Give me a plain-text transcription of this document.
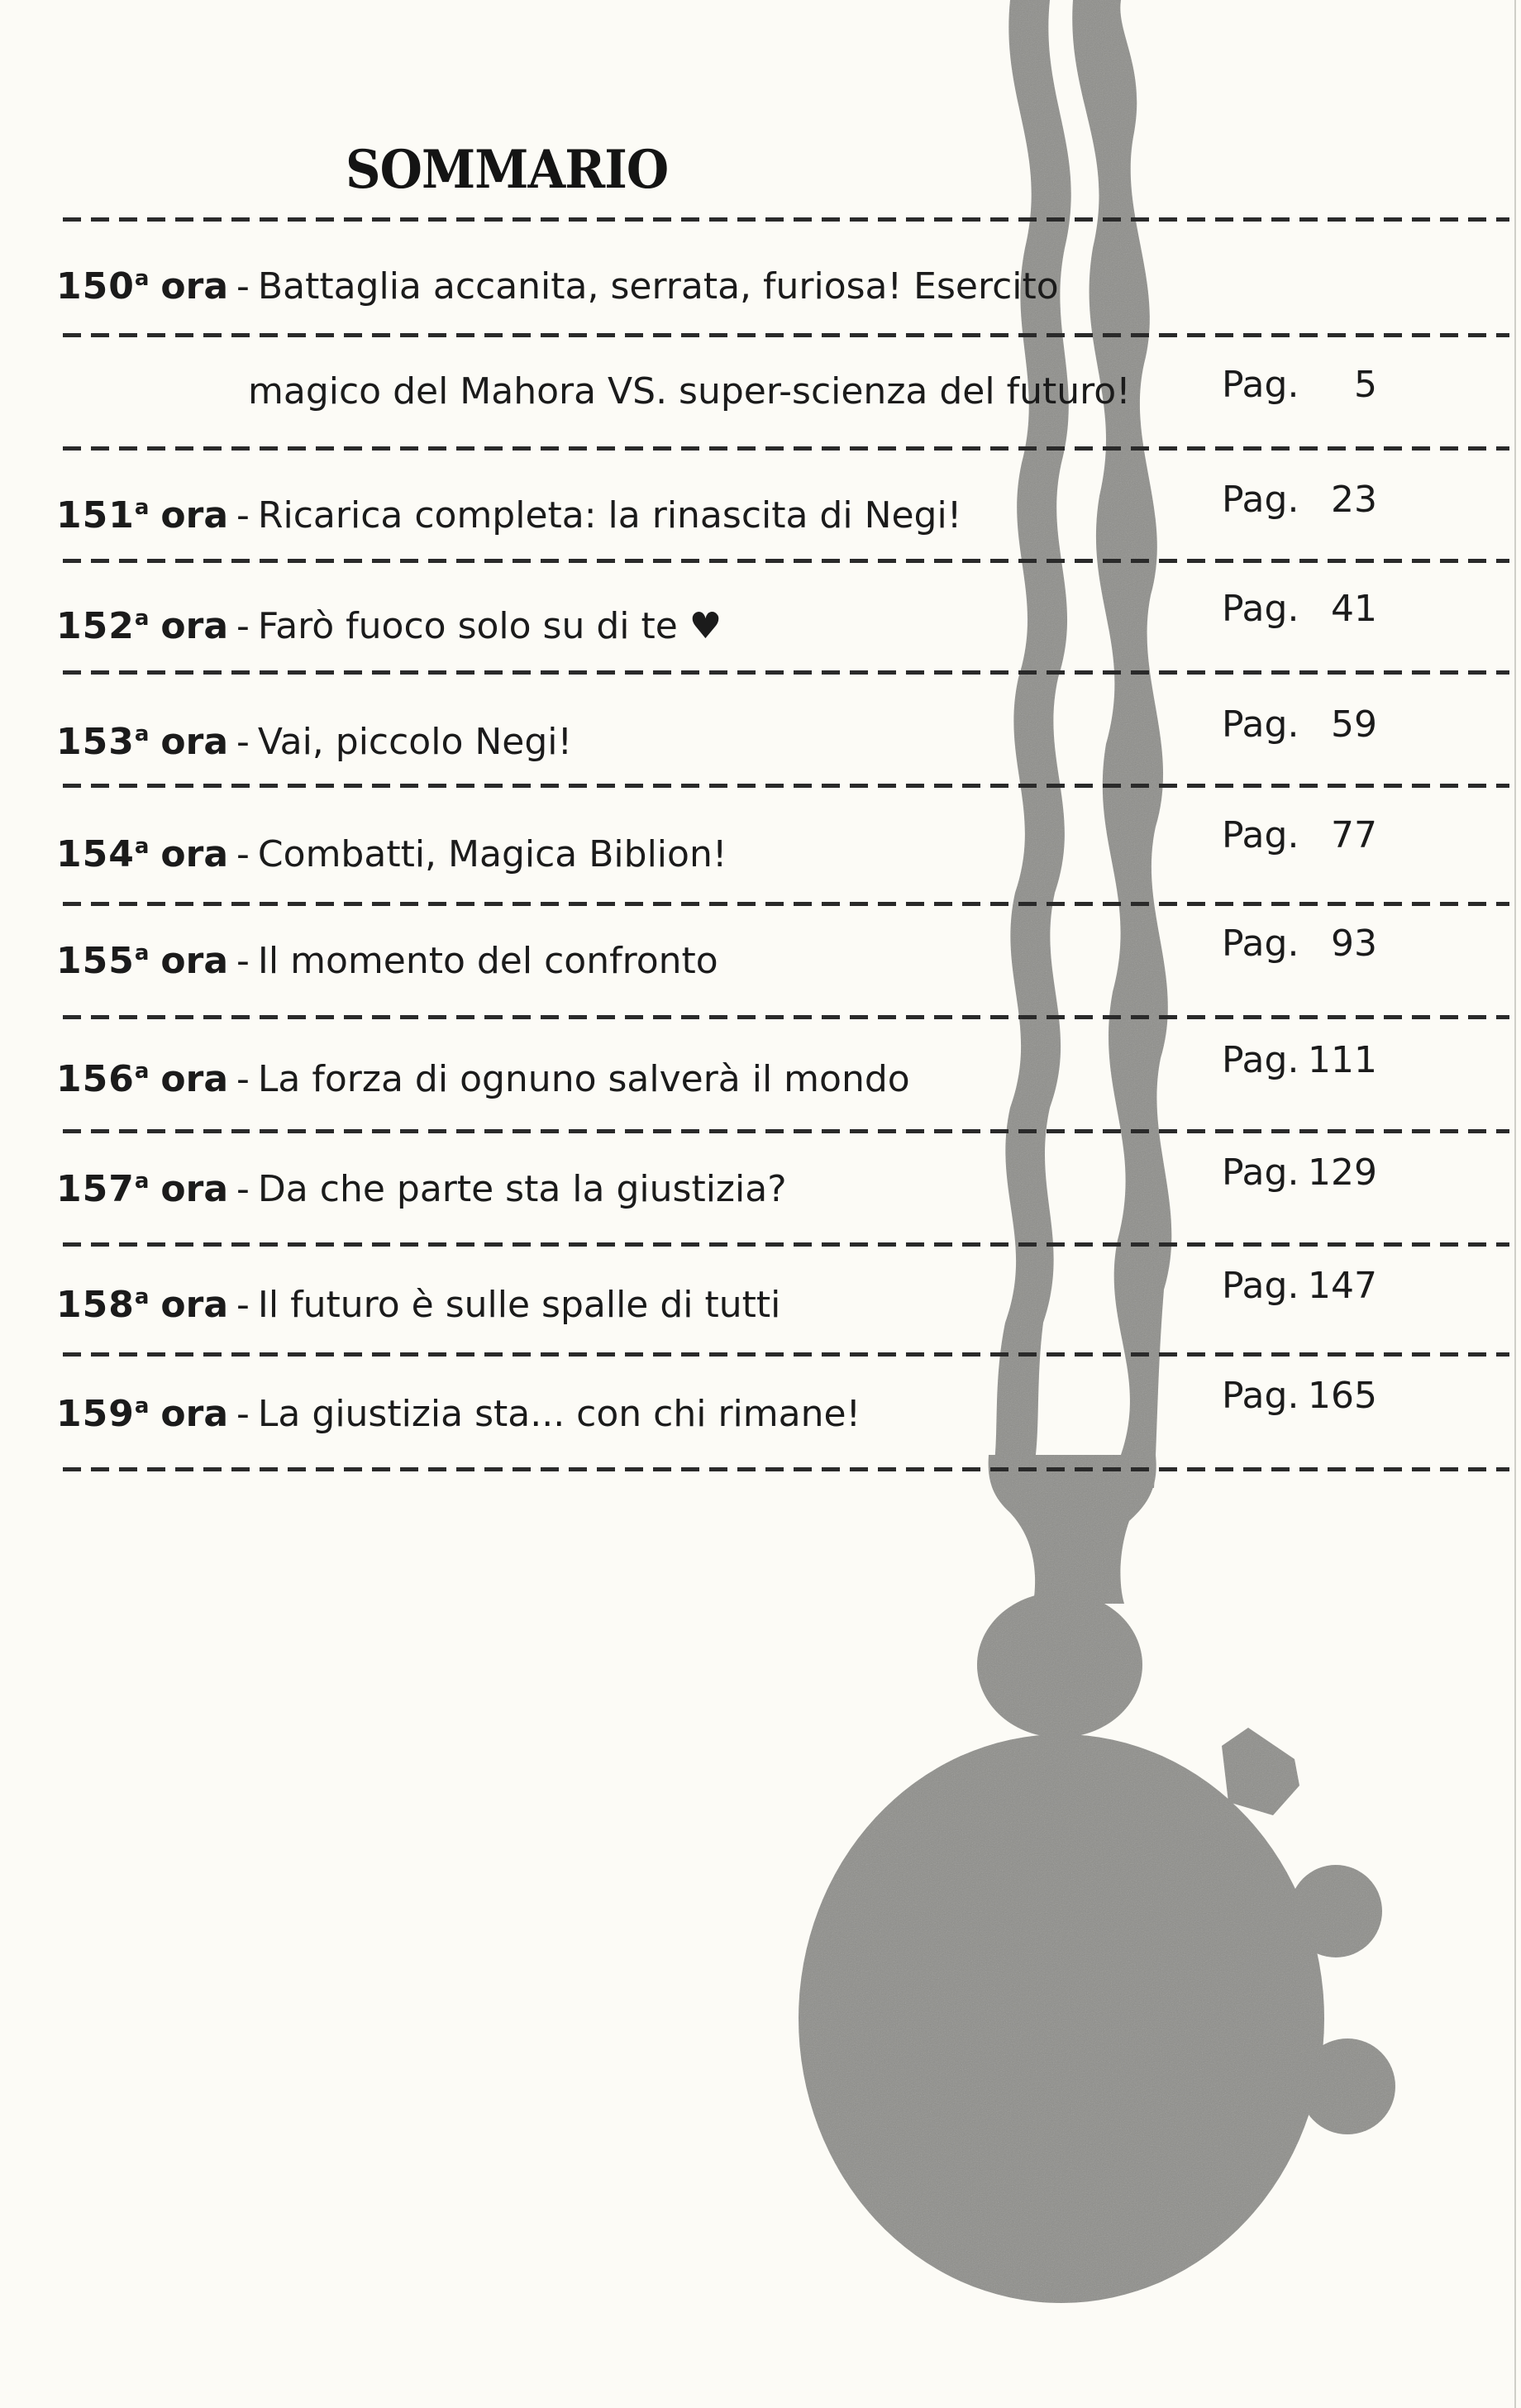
SOMMARIO
150$^a$ ora - Battaglia accanita, serrata, furiosa! Esercito
magico del Mahora VS. super-scienza del futuro!	Pag. 5
151$^a$ ora - Ricarica completa: la rinascita di Negi!	Pag. 23
152$^a$ ora - Farò fuoco solo su di te ♥	Pag. 41
153$^a$ ora - Vai, piccolo Negi!	Pag. 59
154$^a$ ora - Combatti, Magica Biblion!	Pag. 77
155$^a$ ora - Il momento del confronto	Pag. 93
156$^a$ ora - La forza di ognuno salverà il mondo	Pag. 111
157$^a$ ora - Da che parte sta la giustizia?	Pag. 129
158$^a$ ora - Il futuro è sulle spalle di tutti	Pag. 147
159$^a$ ora - La giustizia sta... con chi rimane!	Pag. 165
